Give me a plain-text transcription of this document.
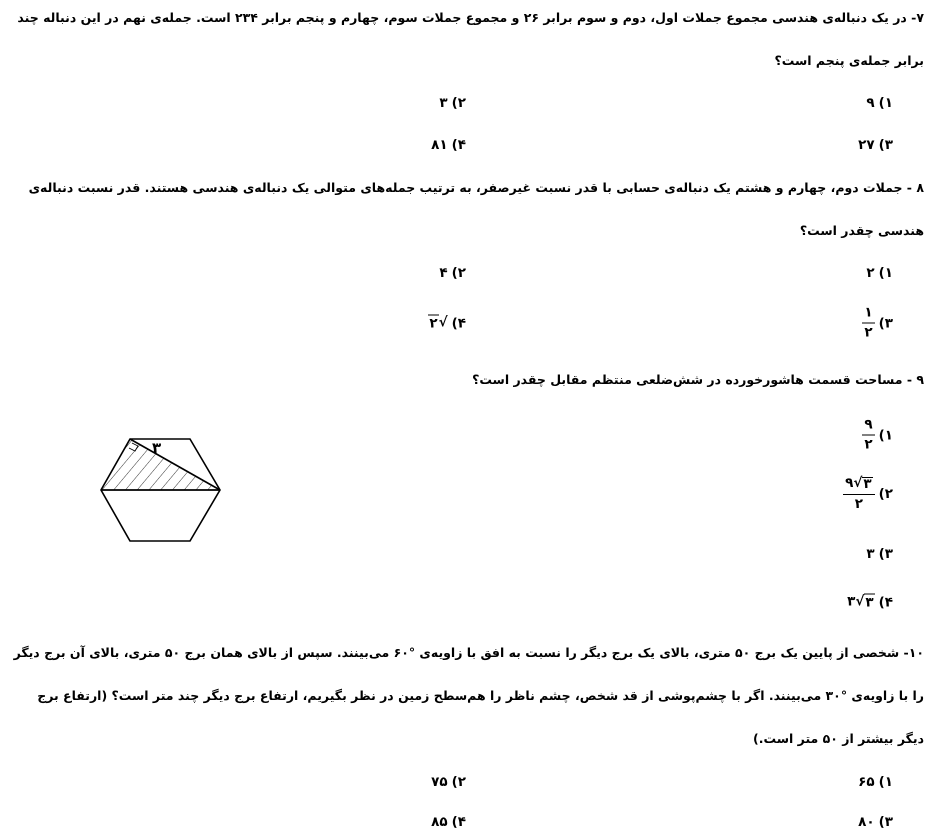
۷- در یک دنباله‌ی هندسی مجموع جملات اول، دوم و سوم برابر ۲۶ و مجموع جملات سوم، چهارم و پنجم برابر ۲۳۴ است. جمله‌ی نهم در این دنباله چند برابر جمله‌ی پنجم است؟
۱)
۹
۲)
۳
۳)
۲۷
۴)
۸۱
۸ - جملات دوم، چهارم و هشتم یک دنباله‌ی حسابی با قدر نسبت غیرصفر، به ترتیب جمله‌های متوالی یک دنباله‌ی هندسی هستند. قدر نسبت دنباله‌ی هندسی چقدر است؟
۱)
۲
۲)
۴
۳)
$\frac{۱}{۲}$
۴)
√
۲
۹ - مساحت قسمت هاشورخورده در شش‌ضلعی منتظم مقابل چقدر است؟
۳
۱)
$\frac{۹}{۲}$
۲)
$\frac{۹ √ ۳}{۲}$
۳)
۳
۴)
۳ √ ۳
۱۰- شخصی از پایین یک برج ۵۰ متری، بالای یک برج دیگر را نسبت به افق با زاویه‌ی °۶۰ می‌بینند. سپس از بالای همان برج ۵۰ متری، بالای آن برج دیگر را با زاویه‌ی °۳۰ می‌بینند. اگر با چشم‌پوشی از قد شخص، چشم ناظر را هم‌سطح زمین در نظر بگیریم، ارتفاع برج دیگر چند متر است؟ (ارتفاع برج دیگر بیشتر از ۵۰ متر است.)
۱)
۶۵
۲)
۷۵
۳)
۸۰
۴)
۸۵
